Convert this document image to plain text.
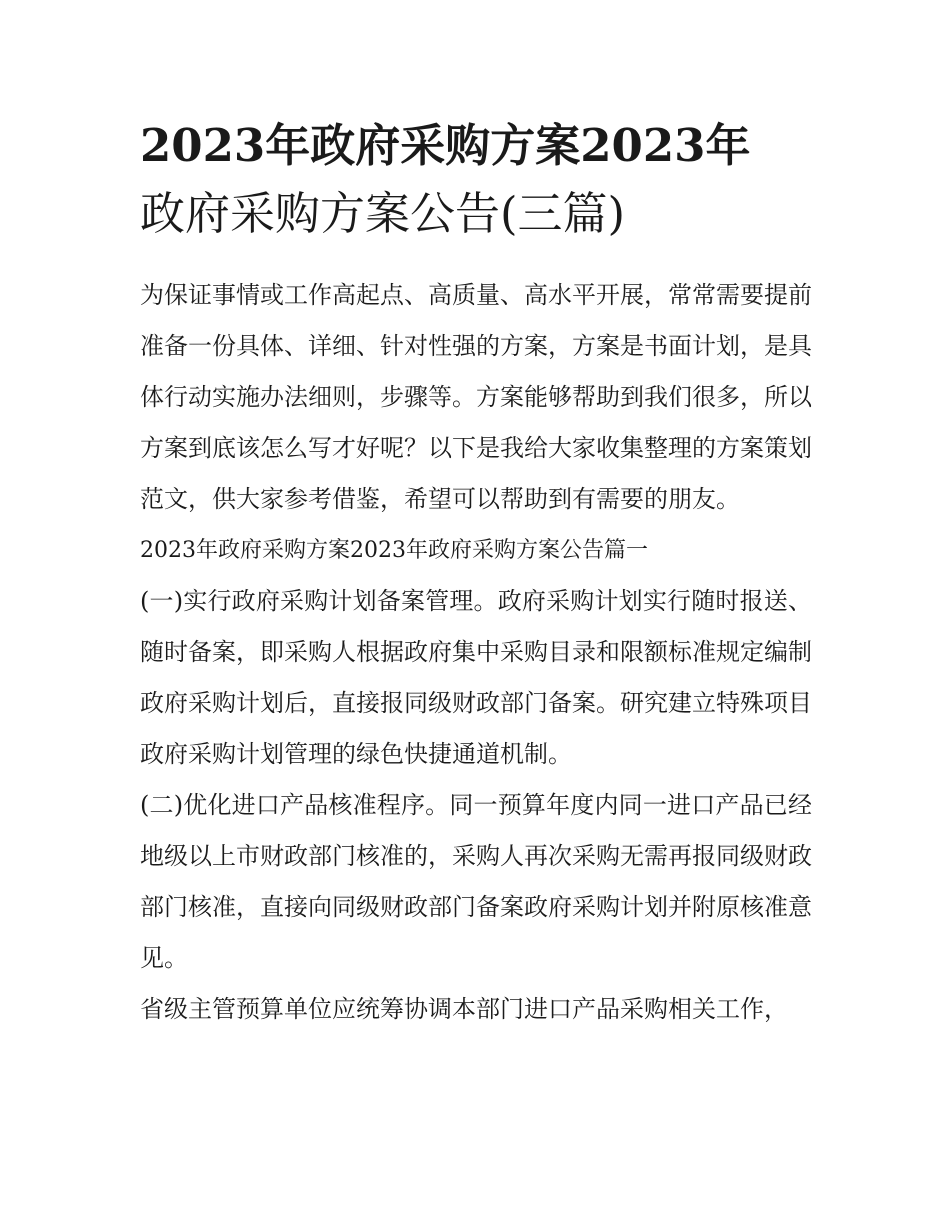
2023年政府采购方案2023年
政府采购方案公告(三篇)

为保证事情或工作高起点、高质量、高水平开展，常常需要提前准备一份具体、详细、针对性强的方案，方案是书面计划，是具体行动实施办法细则，步骤等。方案能够帮助到我们很多，所以方案到底该怎么写才好呢？以下是我给大家收集整理的方案策划范文，供大家参考借鉴，希望可以帮助到有需要的朋友。

2023年政府采购方案2023年政府采购方案公告篇一

(一)实行政府采购计划备案管理。政府采购计划实行随时报送、随时备案，即采购人根据政府集中采购目录和限额标准规定编制政府采购计划后，直接报同级财政部门备案。研究建立特殊项目政府采购计划管理的绿色快捷通道机制。

(二)优化进口产品核准程序。同一预算年度内同一进口产品已经地级以上市财政部门核准的，采购人再次采购无需再报同级财政部门核准，直接向同级财政部门备案政府采购计划并附原核准意见。

省级主管预算单位应统筹协调本部门进口产品采购相关工作，
